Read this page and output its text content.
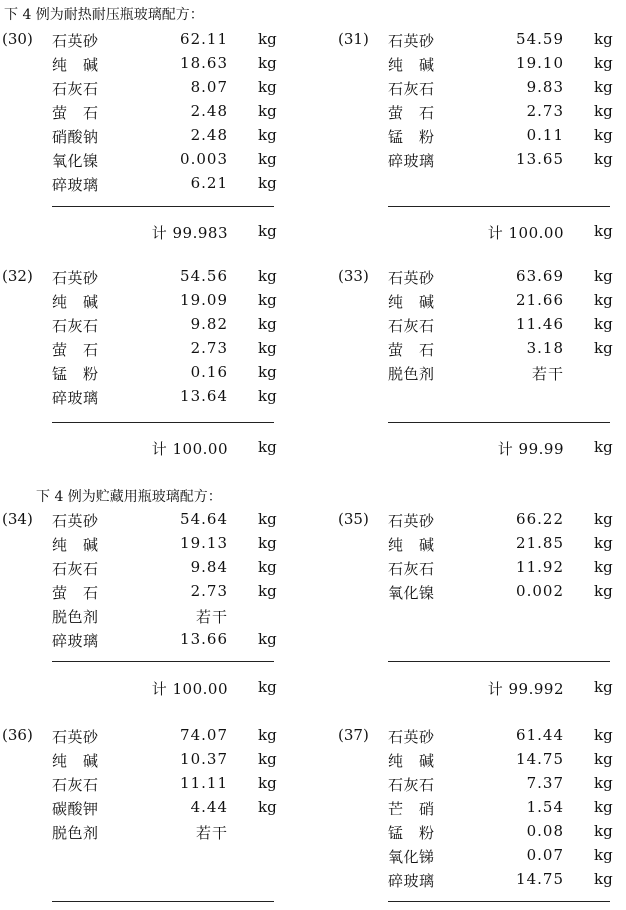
下 4 例为耐热耐压瓶玻璃配方：
(30) 石英砂	62.11 kg
纯　碱	18.63 kg
石灰石	8.07 kg
萤　石	2.48 kg
硝酸钠	2.48 kg
氧化镍	0.003 kg
碎玻璃	6.21 kg
计 99.983 kg
(31) 石英砂	54.59 kg
纯　碱	19.10 kg
石灰石	9.83 kg
萤　石	2.73 kg
锰　粉	0.11 kg
碎玻璃	13.65 kg
计 100.00 kg
(32) 石英砂	54.56 kg
纯　碱	19.09 kg
石灰石	9.82 kg
萤　石	2.73 kg
锰　粉	0.16 kg
碎玻璃	13.64 kg
计 100.00 kg
(33) 石英砂	63.69 kg
纯　碱	21.66 kg
石灰石	11.46 kg
萤　石	3.18 kg
脱色剂	若干
计 99.99 kg
下 4 例为贮藏用瓶玻璃配方：
(34) 石英砂	54.64 kg
纯　碱	19.13 kg
石灰石	9.84 kg
萤　石	2.73 kg
脱色剂	若干
碎玻璃	13.66 kg
计 100.00 kg
(35) 石英砂	66.22 kg
纯　碱	21.85 kg
石灰石	11.92 kg
氧化镍	0.002 kg
计 99.992 kg
(36) 石英砂	74.07 kg
纯　碱	10.37 kg
石灰石	11.11 kg
碳酸钾	4.44 kg
脱色剂	若干
(37) 石英砂	61.44 kg
纯　碱	14.75 kg
石灰石	7.37 kg
芒　硝	1.54 kg
锰　粉	0.08 kg
氧化锑	0.07 kg
碎玻璃	14.75 kg
